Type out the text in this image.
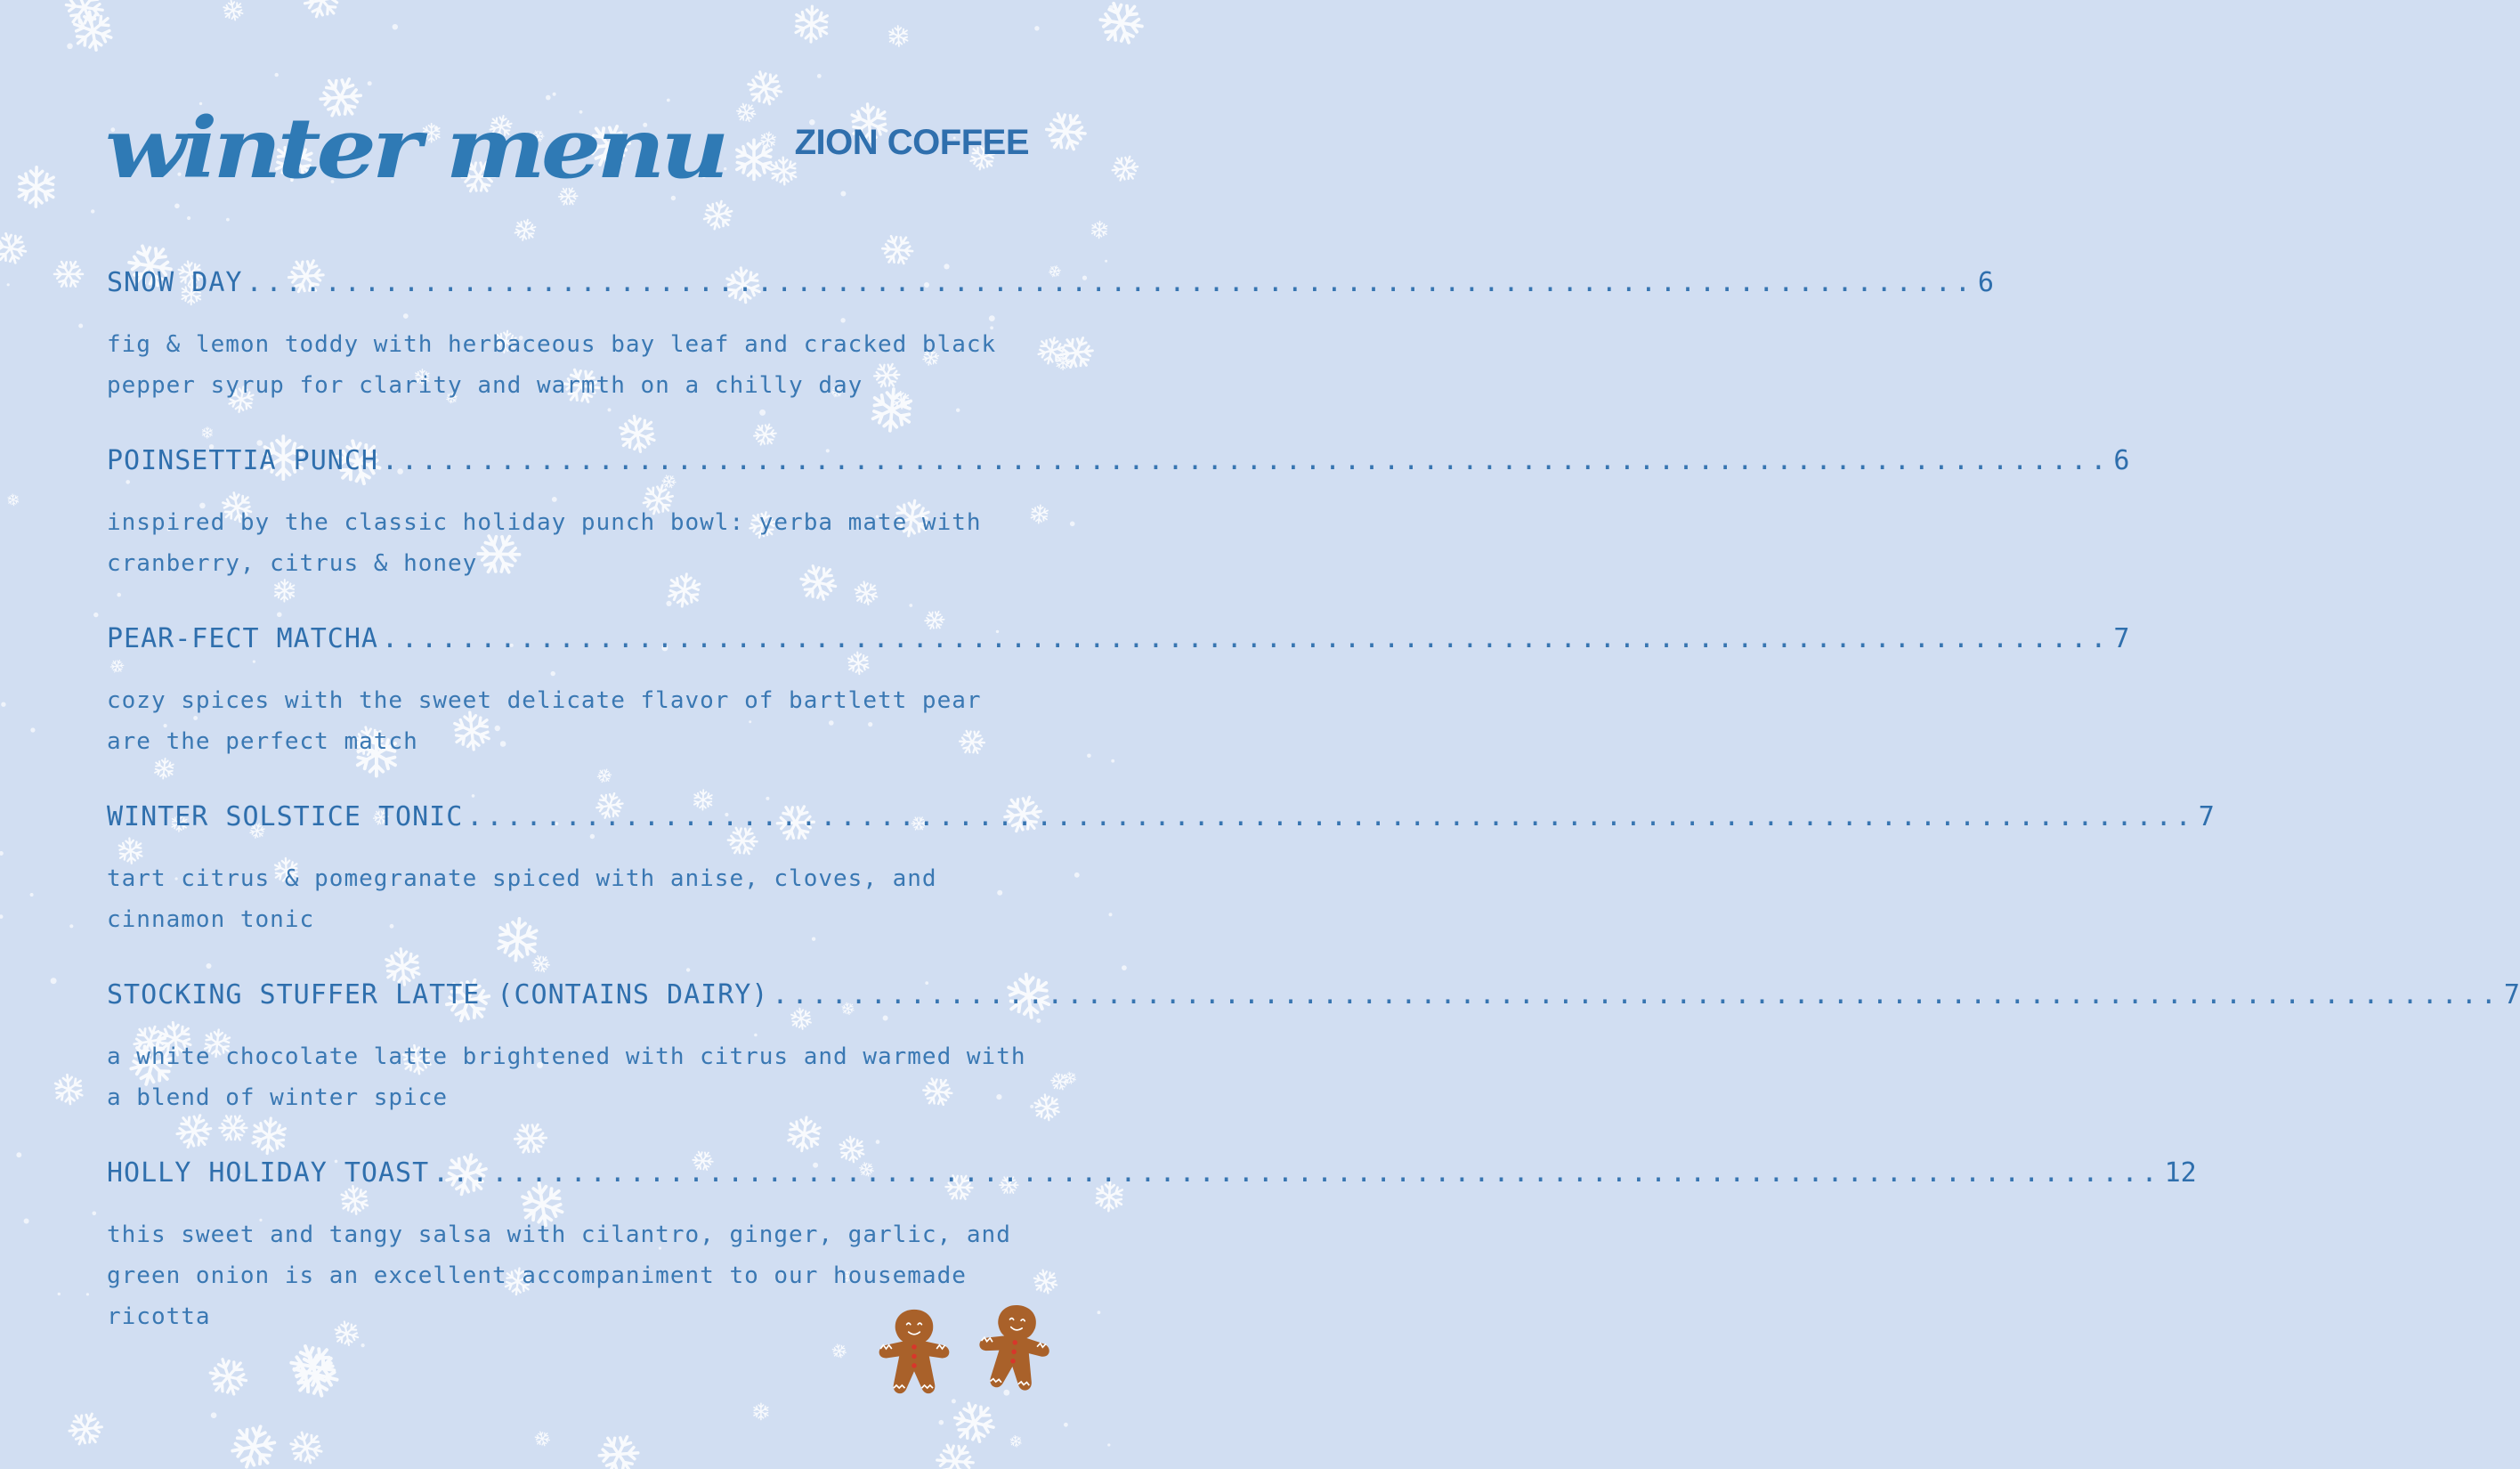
winter menu	ZION COFFEE
SNOW DAY ........................................................................................ 6
fig & lemon toddy with herbaceous bay leaf and cracked black pepper syrup for clarity and warmth on a chilly day
POINSETTIA PUNCH ........................................................................................ 6
inspired by the classic holiday punch bowl: yerba mate with cranberry, citrus & honey
PEAR-FECT MATCHA ........................................................................................ 7
cozy spices with the sweet delicate flavor of bartlett pear are the perfect match
WINTER SOLSTICE TONIC ........................................................................................ 7
tart citrus & pomegranate spiced with anise, cloves, and cinnamon tonic
STOCKING STUFFER LATTE (CONTAINS DAIRY) ........................................................................................ 7
a white chocolate latte brightened with citrus and warmed with a blend of winter spice
HOLLY HOLIDAY TOAST ........................................................................................ 12
this sweet and tangy salsa with cilantro, ginger, garlic, and green onion is an excellent accompaniment to our housemade ricotta
